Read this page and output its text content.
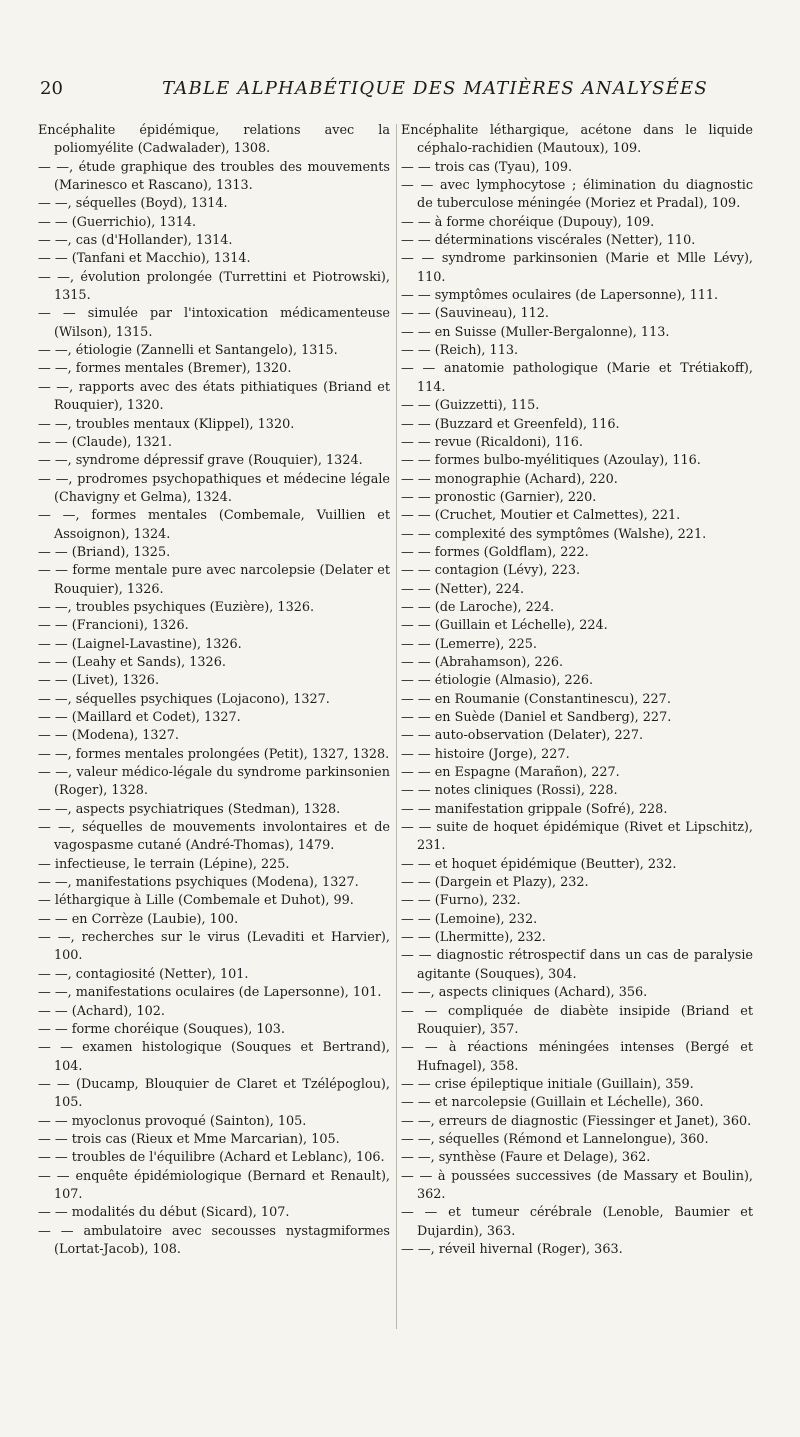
20	TABLE ALPHABÉTIQUE DES MATIÈRES ANALYSÉES

Encéphalite épidémique, relations avec la poliomyélite (Cadwalader), 1308.

— —, étude graphique des troubles des mouvements (Marinesco et Rascano), 1313.

— —, séquelles (Boyd), 1314.

— — (Guerrichio), 1314.

— —, cas (d'Hollander), 1314.

— — (Tanfani et Macchio), 1314.

— —, évolution prolongée (Turrettini et Piotrowski), 1315.

— — simulée par l'intoxication médicamenteuse (Wilson), 1315.

— —, étiologie (Zannelli et Santangelo), 1315.

— —, formes mentales (Bremer), 1320.

— —, rapports avec des états pithiatiques (Briand et Rouquier), 1320.

— —, troubles mentaux (Klippel), 1320.

— — (Claude), 1321.

— —, syndrome dépressif grave (Rouquier), 1324.

— —, prodromes psychopathiques et médecine légale (Chavigny et Gelma), 1324.

— —, formes mentales (Combemale, Vuillien et Assoignon), 1324.

— — (Briand), 1325.

— — forme mentale pure avec narcolepsie (Delater et Rouquier), 1326.

— —, troubles psychiques (Euzière), 1326.

— — (Francioni), 1326.

— — (Laignel-Lavastine), 1326.

— — (Leahy et Sands), 1326.

— — (Livet), 1326.

— —, séquelles psychiques (Lojacono), 1327.

— — (Maillard et Codet), 1327.

— — (Modena), 1327.

— —, formes mentales prolongées (Petit), 1327, 1328.

— —, valeur médico-légale du syndrome parkinsonien (Roger), 1328.

— —, aspects psychiatriques (Stedman), 1328.

— —, séquelles de mouvements involontaires et de vagospasme cutané (André-Thomas), 1479.

— infectieuse, le terrain (Lépine), 225.

— —, manifestations psychiques (Modena), 1327.

— léthargique à Lille (Combemale et Duhot), 99.

— — en Corrèze (Laubie), 100.

— —, recherches sur le virus (Levaditi et Harvier), 100.

— —, contagiosité (Netter), 101.

— —, manifestations oculaires (de Lapersonne), 101.

— — (Achard), 102.

— — forme choréique (Souques), 103.

— — examen histologique (Souques et Bertrand), 104.

— — (Ducamp, Blouquier de Claret et Tzélépoglou), 105.

— — myoclonus provoqué (Sainton), 105.

— — trois cas (Rieux et Mme Marcarian), 105.

— — troubles de l'équilibre (Achard et Leblanc), 106.

— — enquête épidémiologique (Bernard et Renault), 107.

— — modalités du début (Sicard), 107.

— — ambulatoire avec secousses nystagmiformes (Lortat-Jacob), 108.

Encéphalite léthargique, acétone dans le liquide céphalo-rachidien (Mautoux), 109.

— — trois cas (Tyau), 109.

— — avec lymphocytose ; élimination du diagnostic de tuberculose méningée (Moriez et Pradal), 109.

— — à forme choréique (Dupouy), 109.

— — déterminations viscérales (Netter), 110.

— — syndrome parkinsonien (Marie et Mlle Lévy), 110.

— — symptômes oculaires (de Lapersonne), 111.

— — (Sauvineau), 112.

— — en Suisse (Muller-Bergalonne), 113.

— — (Reich), 113.

— — anatomie pathologique (Marie et Trétiakoff), 114.

— — (Guizzetti), 115.

— — (Buzzard et Greenfeld), 116.

— — revue (Ricaldoni), 116.

— — formes bulbo-myélitiques (Azoulay), 116.

— — monographie (Achard), 220.

— — pronostic (Garnier), 220.

— — (Cruchet, Moutier et Calmettes), 221.

— — complexité des symptômes (Walshe), 221.

— — formes (Goldflam), 222.

— — contagion (Lévy), 223.

— — (Netter), 224.

— — (de Laroche), 224.

— — (Guillain et Léchelle), 224.

— — (Lemerre), 225.

— — (Abrahamson), 226.

— — étiologie (Almasio), 226.

— — en Roumanie (Constantinescu), 227.

— — en Suède (Daniel et Sandberg), 227.

— — auto-observation (Delater), 227.

— — histoire (Jorge), 227.

— — en Espagne (Marañon), 227.

— — notes cliniques (Rossi), 228.

— — manifestation grippale (Sofré), 228.

— — suite de hoquet épidémique (Rivet et Lipschitz), 231.

— — et hoquet épidémique (Beutter), 232.

— — (Dargein et Plazy), 232.

— — (Furno), 232.

— — (Lemoine), 232.

— — (Lhermitte), 232.

— — diagnostic rétrospectif dans un cas de paralysie agitante (Souques), 304.

— —, aspects cliniques (Achard), 356.

— — compliquée de diabète insipide (Briand et Rouquier), 357.

— — à réactions méningées intenses (Bergé et Hufnagel), 358.

— — crise épileptique initiale (Guillain), 359.

— — et narcolepsie (Guillain et Léchelle), 360.

— —, erreurs de diagnostic (Fiessinger et Janet), 360.

— —, séquelles (Rémond et Lannelongue), 360.

— —, synthèse (Faure et Delage), 362.

— — à poussées successives (de Massary et Boulin), 362.

— — et tumeur cérébrale (Lenoble, Baumier et Dujardin), 363.

— —, réveil hivernal (Roger), 363.
